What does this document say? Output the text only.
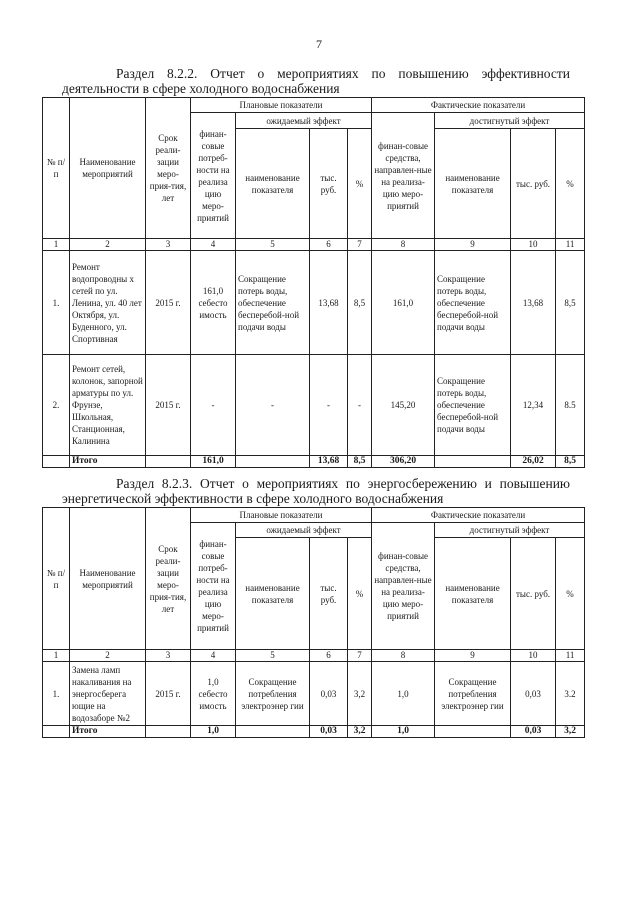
7
Раздел 8.2.2. Отчет о мероприятиях по повышению эффективности
деятельности в сфере холодного водоснабжения
№ п/ п	Наименование мероприятий	Срок реали-зации меро-прия-тия, лет	Плановые показатели				Фактические показатели			
			финан-совые потреб-ности на реализа цию меро-приятий	ожидаемый эффект			финан-совые средства, направлен-ные на реализа-цию меро-приятий	достигнутый эффект		
				наименование показателя	тыс. руб.	%		наименование показателя	тыс. руб.	%
1	2	3	4	5	6	7	8	9	10	11
1.	Ремонт водопроводны х сетей по ул. Ленина, ул. 40 лет Октября, ул. Буденного, ул. Спортивная	2015 г.	161,0 себесто имость	Сокращение потерь воды, обеспечение бесперебой-ной подачи воды	13,68	8,5	161,0	Сокращение потерь воды, обеспечение бесперебой-ной подачи воды	13,68	8,5
2.	Ремонт сетей, колонок, запорной арматуры по ул. Фрунзе, Школьная, Станционная, Калинина	2015 г.	-	-	-	-	145,20	Сокращение потерь воды, обеспечение бесперебой-ной подачи воды	12,34	8.5
	Итого		161,0		13,68	8,5	306,20		26,02	8,5
Раздел 8.2.3. Отчет о мероприятиях по энергосбережению и повышению
энергетической эффективности в сфере холодного водоснабжения
№ п/ п	Наименование мероприятий	Срок реали-зации меро-прия-тия, лет	Плановые показатели				Фактические показатели			
			финан-совые потреб-ности на реализа цию меро-приятий	ожидаемый эффект			финан-совые средства, направлен-ные на реализа-цию меро-приятий	достигнутый эффект		
				наименование показателя	тыс. руб.	%		наименование показателя	тыс. руб.	%
1	2	3	4	5	6	7	8	9	10	11
1.	Замена ламп накаливания на энергосберега ющие на водозаборе №2	2015 г.	1,0 себесто имость	Сокращение потребления электроэнер гии	0,03	3,2	1,0	Сокращение потребления электроэнер гии	0,03	3.2
	Итого		1,0		0,03	3,2	1,0		0,03	3,2
